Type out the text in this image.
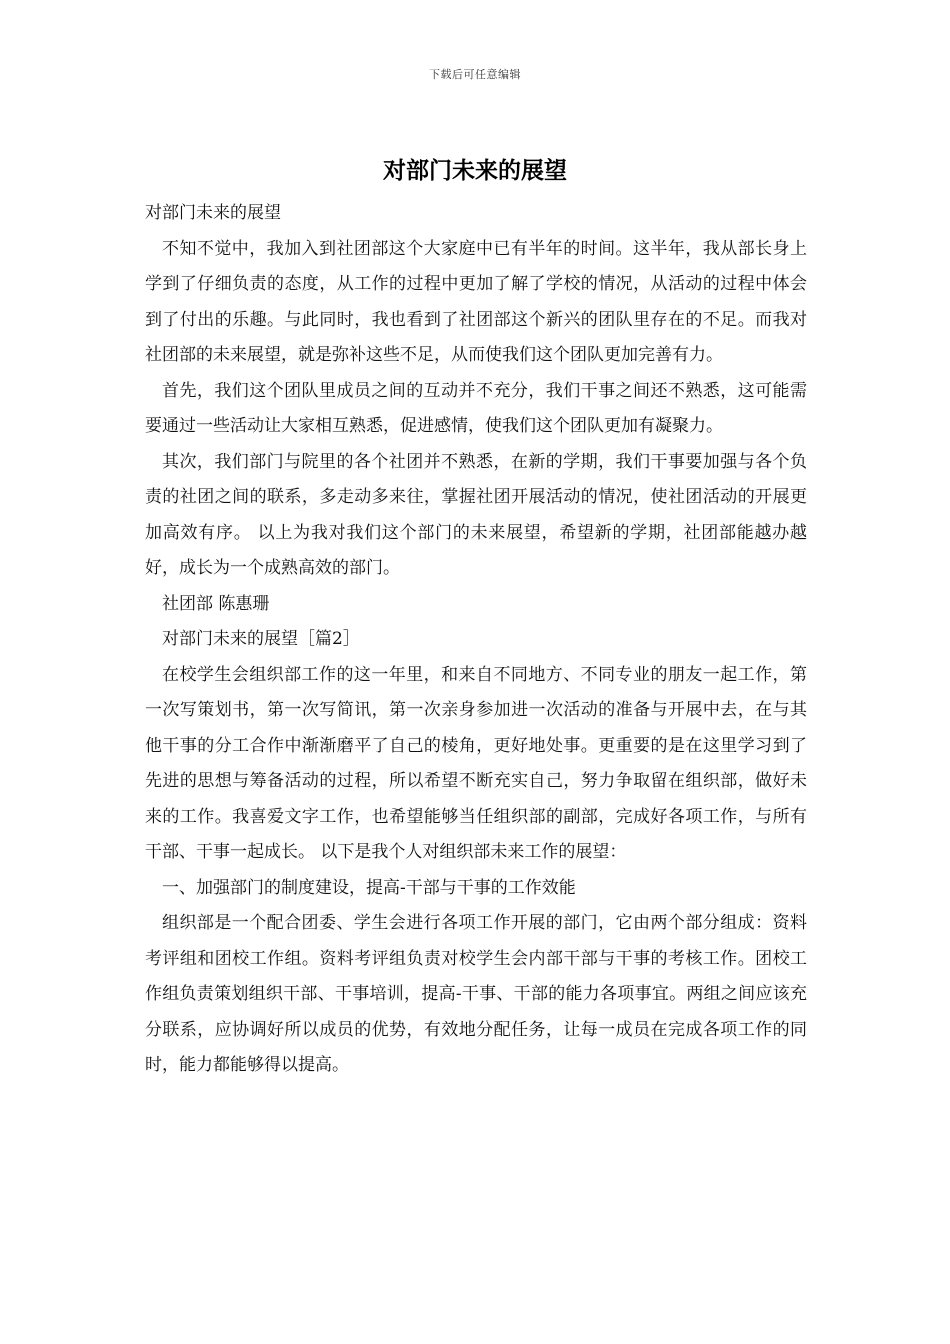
下载后可任意编辑
对部门未来的展望

对部门未来的展望

不知不觉中，我加入到社团部这个大家庭中已有半年的时间。这半年，我从部长身上学到了仔细负责的态度，从工作的过程中更加了解了学校的情况，从活动的过程中体会到了付出的乐趣。与此同时，我也看到了社团部这个新兴的团队里存在的不足。而我对社团部的未来展望，就是弥补这些不足，从而使我们这个团队更加完善有力。

首先，我们这个团队里成员之间的互动并不充分，我们干事之间还不熟悉，这可能需要通过一些活动让大家相互熟悉，促进感情，使我们这个团队更加有凝聚力。

其次，我们部门与院里的各个社团并不熟悉，在新的学期，我们干事要加强与各个负责的社团之间的联系，多走动多来往，掌握社团开展活动的情况，使社团活动的开展更加高效有序。 以上为我对我们这个部门的未来展望，希望新的学期，社团部能越办越好，成长为一个成熟高效的部门。

社团部 陈惠珊

对部门未来的展望［篇2］

在校学生会组织部工作的这一年里，和来自不同地方、不同专业的朋友一起工作，第一次写策划书，第一次写简讯，第一次亲身参加进一次活动的准备与开展中去，在与其他干事的分工合作中渐渐磨平了自己的棱角，更好地处事。更重要的是在这里学习到了先进的思想与筹备活动的过程，所以希望不断充实自己，努力争取留在组织部，做好未来的工作。我喜爱文字工作，也希望能够当任组织部的副部，完成好各项工作，与所有干部、干事一起成长。 以下是我个人对组织部未来工作的展望：

一、加强部门的制度建设，提高-干部与干事的工作效能

组织部是一个配合团委、学生会进行各项工作开展的部门，它由两个部分组成：资料考评组和团校工作组。资料考评组负责对校学生会内部干部与干事的考核工作。团校工作组负责策划组织干部、干事培训，提高-干事、干部的能力各项事宜。两组之间应该充分联系，应协调好所以成员的优势，有效地分配任务，让每一成员在完成各项工作的同时，能力都能够得以提高。
